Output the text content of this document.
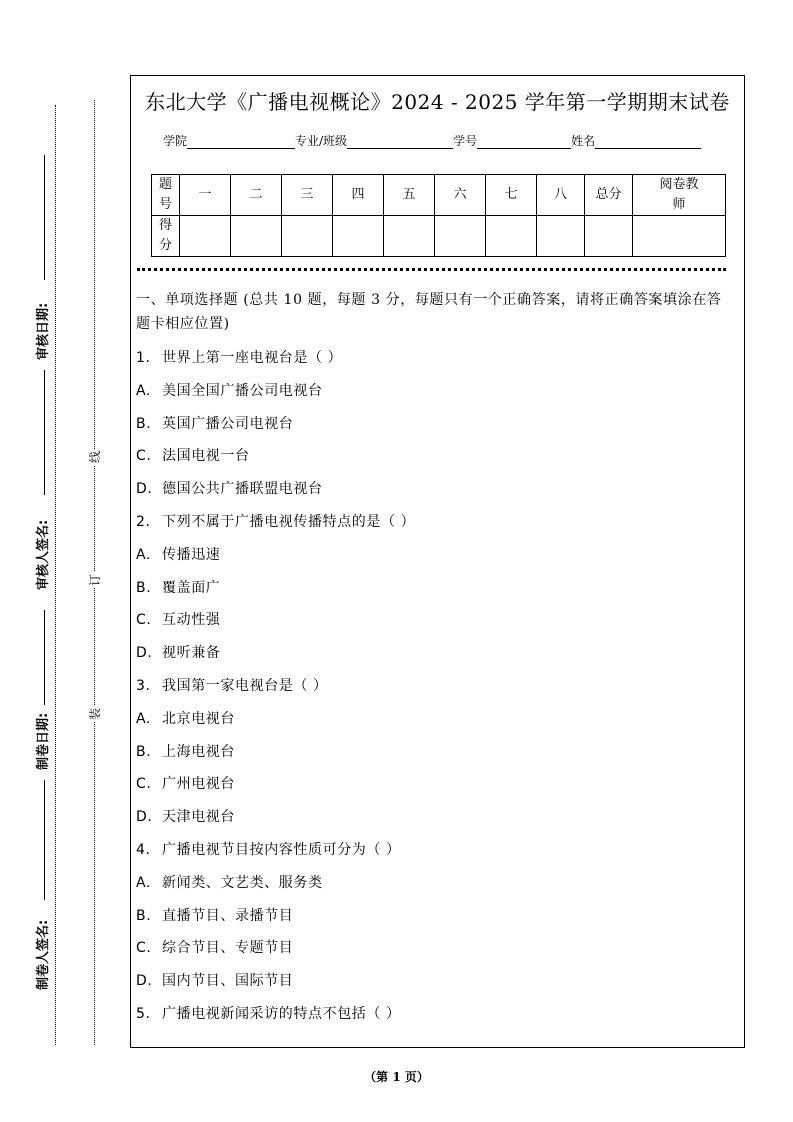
审核日期:
审核人签名:
制卷日期:
制卷人签名:
线
订
装
东北大学《广播电视概论》2024 - 2025 学年第一学期期末试卷
学院	专业/班级	学号	姓名
题号	一	二	三	四	五	六	七	八	总分	阅卷教师
得分										
一、单项选择题 (总共 10 题，每题 3 分，每题只有一个正确答案，请将正确答案填涂在答题卡相应位置)
1. 世界上第一座电视台是（ ）
A. 美国全国广播公司电视台
B. 英国广播公司电视台
C. 法国电视一台
D. 德国公共广播联盟电视台
2. 下列不属于广播电视传播特点的是（ ）
A. 传播迅速
B. 覆盖面广
C. 互动性强
D. 视听兼备
3. 我国第一家电视台是（ ）
A. 北京电视台
B. 上海电视台
C. 广州电视台
D. 天津电视台
4. 广播电视节目按内容性质可分为（ ）
A. 新闻类、文艺类、服务类
B. 直播节目、录播节目
C. 综合节目、专题节目
D. 国内节目、国际节目
5. 广播电视新闻采访的特点不包括（ ）
（第 1 页）
